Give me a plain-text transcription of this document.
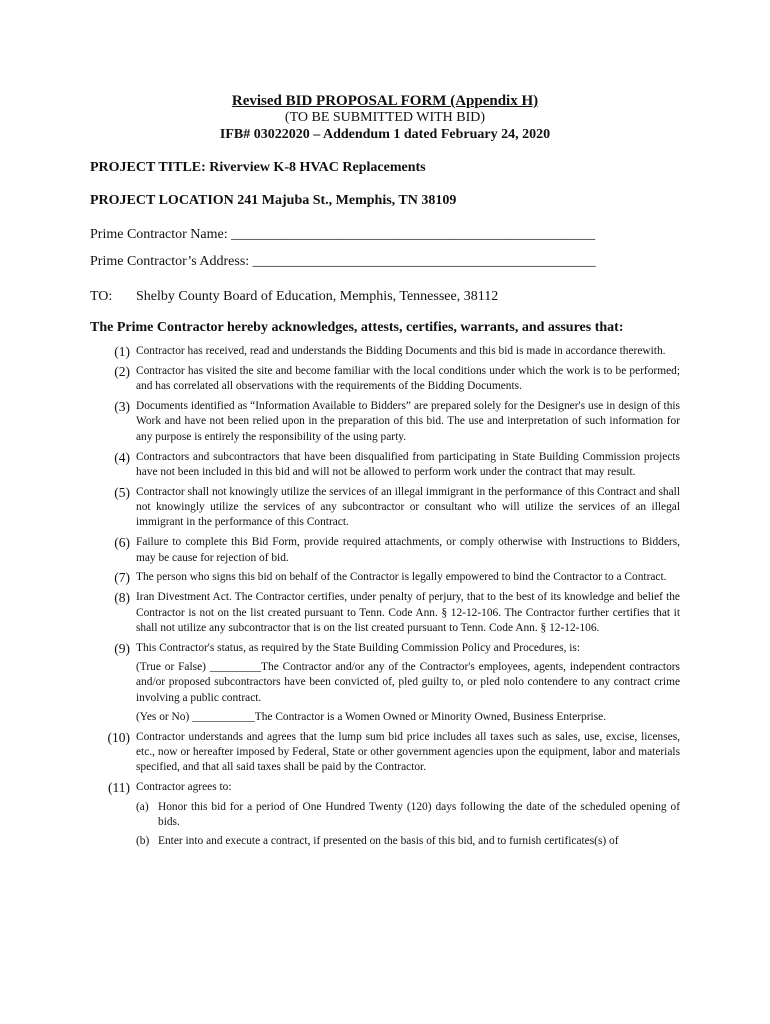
Revised BID PROPOSAL FORM (Appendix H)
(TO BE SUBMITTED WITH BID)
IFB# 03022020 – Addendum 1 dated February 24, 2020
PROJECT TITLE: Riverview K-8 HVAC Replacements
PROJECT LOCATION 241 Majuba St., Memphis, TN 38109
Prime Contractor Name: ____________________________________________________
Prime Contractor’s Address: _________________________________________________
TO: Shelby County Board of Education, Memphis, Tennessee, 38112
The Prime Contractor hereby acknowledges, attests, certifies, warrants, and assures that:
(1) Contractor has received, read and understands the Bidding Documents and this bid is made in accordance therewith.

(2) Contractor has visited the site and become familiar with the local conditions under which the work is to be performed; and has correlated all observations with the requirements of the Bidding Documents.

(3) Documents identified as “Information Available to Bidders” are prepared solely for the Designer's use in design of this Work and have not been relied upon in the preparation of this bid. The use and interpretation of such information for any purpose is entirely the responsibility of the using party.

(4) Contractors and subcontractors that have been disqualified from participating in State Building Commission projects have not been included in this bid and will not be allowed to perform work under the contract that may result.

(5) Contractor shall not knowingly utilize the services of an illegal immigrant in the performance of this Contract and shall not knowingly utilize the services of any subcontractor or consultant who will utilize the services of an illegal immigrant in the performance of this Contract.

(6) Failure to complete this Bid Form, provide required attachments, or comply otherwise with Instructions to Bidders, may be cause for rejection of bid.

(7) The person who signs this bid on behalf of the Contractor is legally empowered to bind the Contractor to a Contract.

(8) Iran Divestment Act. The Contractor certifies, under penalty of perjury, that to the best of its knowledge and belief the Contractor is not on the list created pursuant to Tenn. Code Ann. § 12-12-106. The Contractor further certifies that it shall not utilize any subcontractor that is on the list created pursuant to Tenn. Code Ann. § 12-12-106.

(9) This Contractor's status, as required by the State Building Commission Policy and Procedures, is:

(True or False) _________The Contractor and/or any of the Contractor's employees, agents, independent contractors and/or proposed subcontractors have been convicted of, pled guilty to, or pled nolo contendere to any contract crime involving a public contract.

(Yes or No) ___________The Contractor is a Women Owned or Minority Owned, Business Enterprise.

(10) Contractor understands and agrees that the lump sum bid price includes all taxes such as sales, use, excise, licenses, etc., now or hereafter imposed by Federal, State or other government agencies upon the equipment, labor and materials specified, and that all said taxes shall be paid by the Contractor.

(11) Contractor agrees to:

(a) Honor this bid for a period of One Hundred Twenty (120) days following the date of the scheduled opening of bids.

(b) Enter into and execute a contract, if presented on the basis of this bid, and to furnish certificates(s) of
